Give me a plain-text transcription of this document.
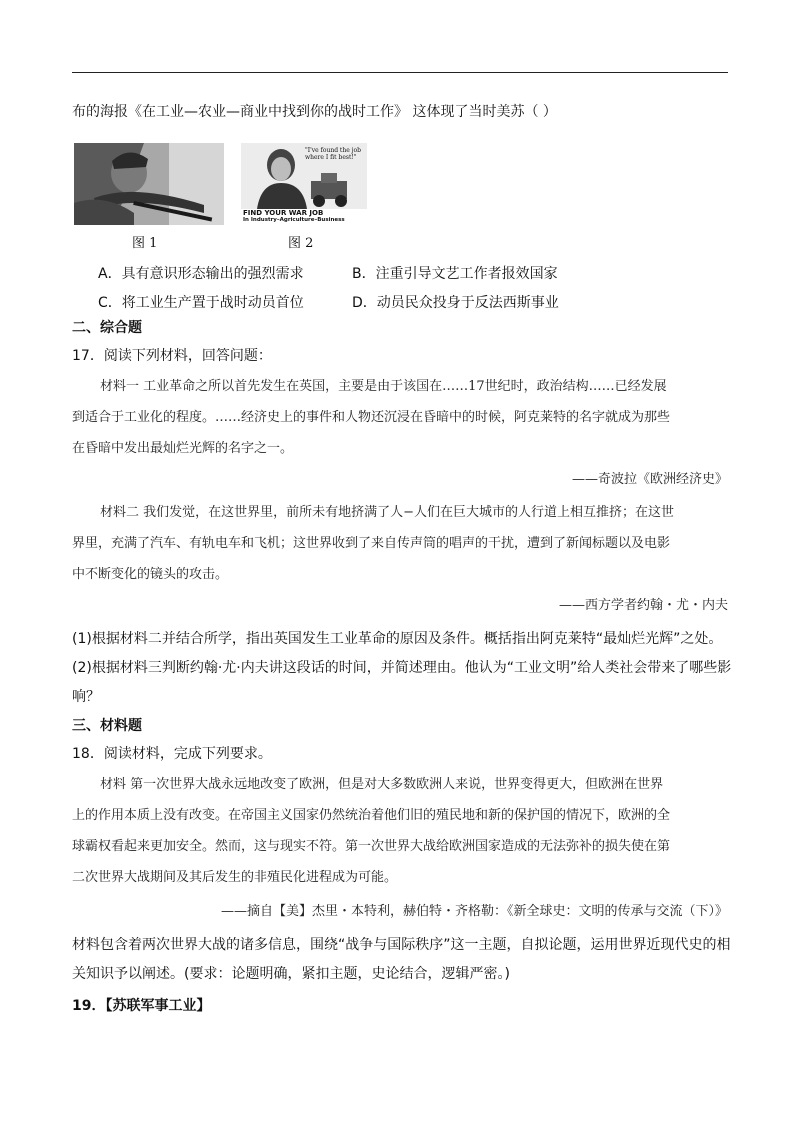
布的海报《在工业—农业—商业中找到你的战时工作》 这体现了当时美苏（ ）
图 1
"I've found the job where I fit best!"
FIND YOUR WAR JOB
In Industry–Agriculture–Business
图 2
A．具有意识形态输出的强烈需求	B．注重引导文艺工作者报效国家
C．将工业生产置于战时动员首位	D．动员民众投身于反法西斯事业
二、综合题
17．阅读下列材料，回答问题：
材料一 工业革命之所以首先发生在英国，主要是由于该国在……17世纪时，政治结构……已经发展
到适合于工业化的程度。……经济史上的事件和人物还沉浸在昏暗中的时候，阿克莱特的名字就成为那些
在昏暗中发出最灿烂光辉的名字之一。
——奇波拉《欧洲经济史》
材料二 我们发觉，在这世界里，前所未有地挤满了人−人们在巨大城市的人行道上相互推挤；在这世
界里，充满了汽车、有轨电车和飞机；这世界收到了来自传声筒的唱声的干扰，遭到了新闻标题以及电影
中不断变化的镜头的攻击。
——西方学者约翰・尤・内夫
(1)根据材料二并结合所学，指出英国发生工业革命的原因及条件。概括指出阿克莱特“最灿烂光辉”之处。
(2)根据材料三判断约翰·尤·内夫讲这段话的时间，并简述理由。他认为“工业文明”给人类社会带来了哪些影
响？
三、材料题
18．阅读材料，完成下列要求。
材料 第一次世界大战永远地改变了欧洲，但是对大多数欧洲人来说，世界变得更大，但欧洲在世界
上的作用本质上没有改变。在帝国主义国家仍然统治着他们旧的殖民地和新的保护国的情况下，欧洲的全
球霸权看起来更加安全。然而，这与现实不符。第一次世界大战给欧洲国家造成的无法弥补的损失使在第
二次世界大战期间及其后发生的非殖民化进程成为可能。
——摘自【美】杰里・本特利，赫伯特・齐格勒：《新全球史：文明的传承与交流（下）》
材料包含着两次世界大战的诸多信息，围绕“战争与国际秩序”这一主题，自拟论题，运用世界近现代史的相
关知识予以阐述。(要求：论题明确，紧扣主题，史论结合，逻辑严密。)
19．【苏联军事工业】
